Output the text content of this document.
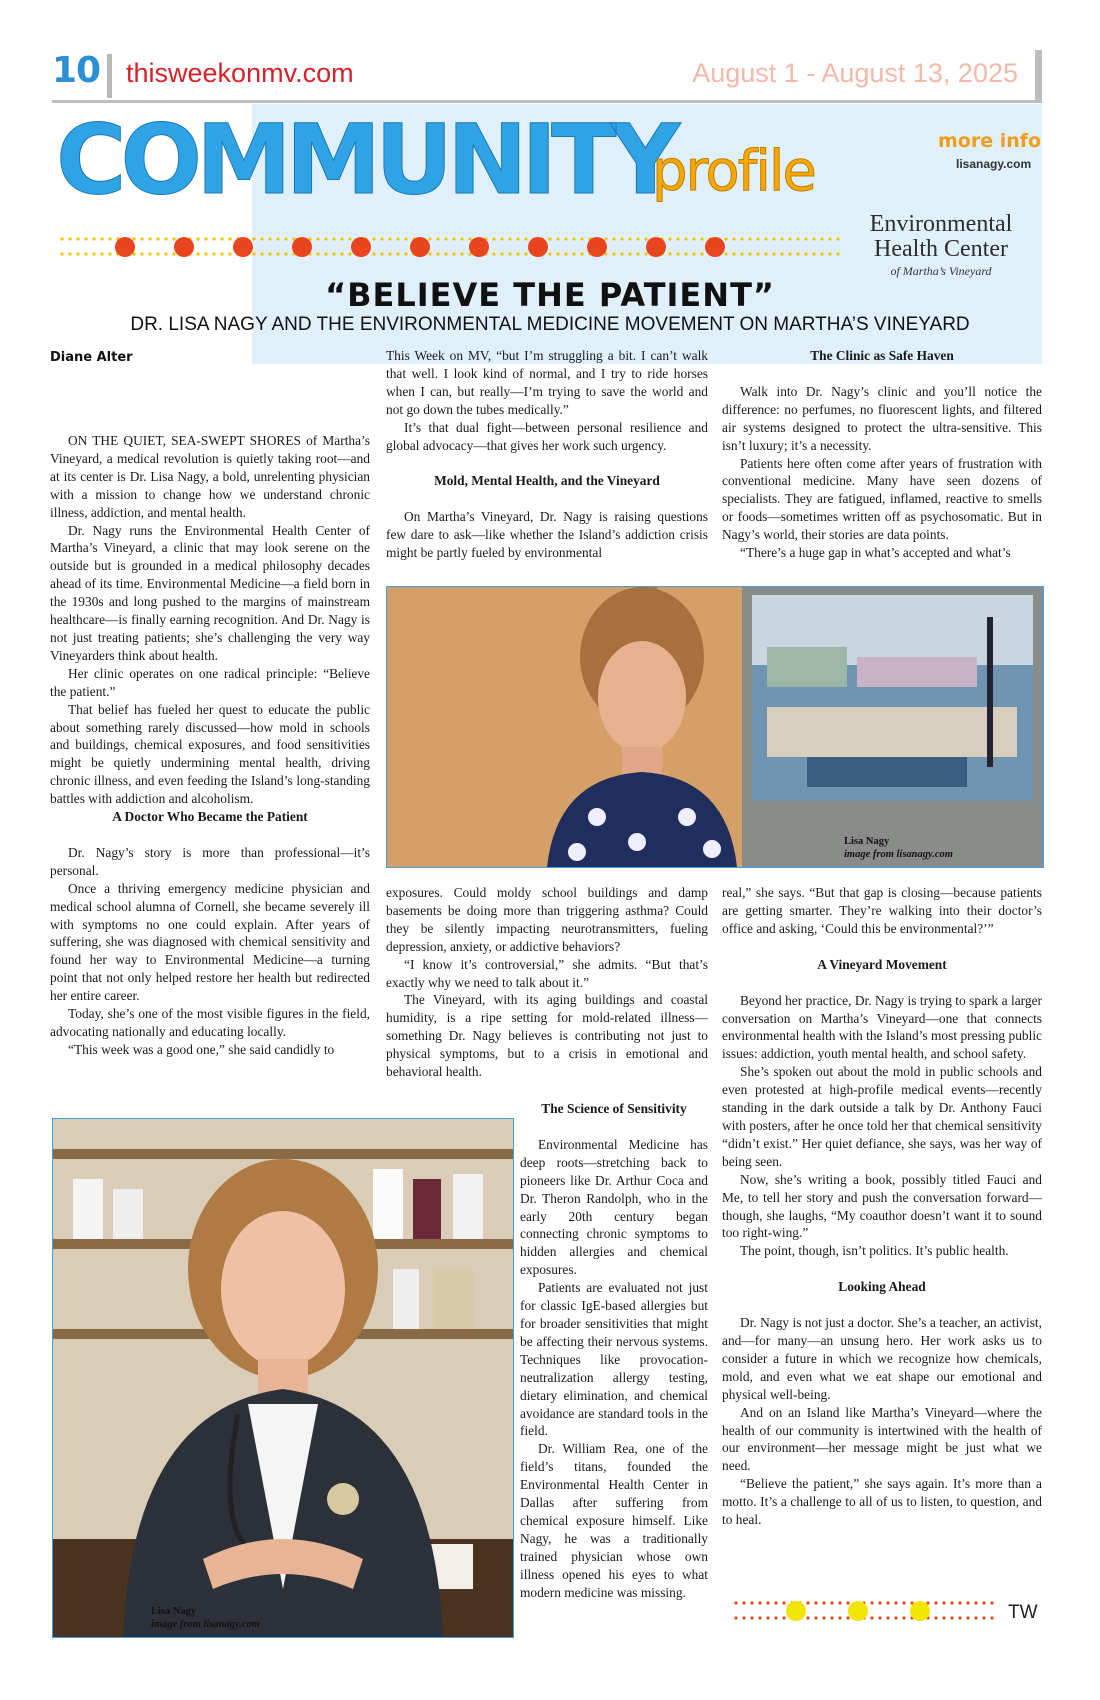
10 thisweekonmv.com	August 1 - August 13, 2025
COMMUNITY
profile	more info
lisanagy.com
Environmental
Health Center
of Martha’s Vineyard
“BELIEVE THE PATIENT”
DR. LISA NAGY AND THE ENVIRONMENTAL MEDICINE MOVEMENT ON MARTHA’S VINEYARD
Diane Alter

ON THE QUIET, SEA-SWEPT SHORES of Martha’s Vineyard, a medical revolution is quietly taking root—and at its center is Dr. Lisa Nagy, a bold, unrelenting physician with a mission to change how we understand chronic illness, addiction, and mental health.

Dr. Nagy runs the Environmental Health Center of Martha’s Vineyard, a clinic that may look serene on the outside but is grounded in a medical philosophy decades ahead of its time. Environmental Medicine—a field born in the 1930s and long pushed to the margins of mainstream healthcare—is finally earning recognition. And Dr. Nagy is not just treating patients; she’s challenging the very way Vineyarders think about health.

Her clinic operates on one radical principle: “Believe the patient.”

That belief has fueled her quest to educate the public about something rarely discussed—how mold in schools and buildings, chemical exposures, and food sensitivities might be quietly undermining mental health, driving chronic illness, and even feeding the Island’s long-standing battles with addiction and alcoholism.

A Doctor Who Became the Patient

Dr. Nagy’s story is more than professional—it’s personal.

Once a thriving emergency medicine physician and medical school alumna of Cornell, she became severely ill with symptoms no one could explain. After years of suffering, she was diagnosed with chemical sensitivity and found her way to Environmental Medicine—a turning point that not only helped restore her health but redirected her entire career.

Today, she’s one of the most visible figures in the field, advocating nationally and educating locally.

“This week was a good one,” she said candidly to

This Week on MV, “but I’m struggling a bit. I can’t walk that well. I look kind of normal, and I try to ride horses when I can, but really—I’m trying to save the world and not go down the tubes medically.”

It’s that dual fight—between personal resilience and global advocacy—that gives her work such urgency.

Mold, Mental Health, and the Vineyard

On Martha’s Vineyard, Dr. Nagy is raising questions few dare to ask—like whether the Island’s addiction crisis might be partly fueled by environmental

The Clinic as Safe Haven

Walk into Dr. Nagy’s clinic and you’ll notice the difference: no perfumes, no fluorescent lights, and filtered air systems designed to protect the ultra-sensitive. This isn’t luxury; it’s a necessity.

Patients here often come after years of frustration with conventional medicine. Many have seen dozens of specialists. They are fatigued, inflamed, reactive to smells or foods—sometimes written off as psychosomatic. But in Nagy’s world, their stories are data points.

“There’s a huge gap in what’s accepted and what’s

Lisa Nagy
image from lisanagy.com

exposures. Could moldy school buildings and damp basements be doing more than triggering asthma? Could they be silently impacting neurotransmitters, fueling depression, anxiety, or addictive behaviors?

“I know it’s controversial,” she admits. “But that’s exactly why we need to talk about it.”

The Vineyard, with its aging buildings and coastal humidity, is a ripe setting for mold-related illness—something Dr. Nagy believes is contributing not just to physical symptoms, but to a crisis in emotional and behavioral health.

real,” she says. “But that gap is closing—because patients are getting smarter. They’re walking into their doctor’s office and asking, ‘Could this be environmental?’”

A Vineyard Movement

Beyond her practice, Dr. Nagy is trying to spark a larger conversation on Martha’s Vineyard—one that connects environmental health with the Island’s most pressing public issues: addiction, youth mental health, and school safety.

She’s spoken out about the mold in public schools and even protested at high-profile medical events—recently standing in the dark outside a talk by Dr. Anthony Fauci with posters, after he once told her that chemical sensitivity “didn’t exist.” Her quiet defiance, she says, was her way of being seen.

Now, she’s writing a book, possibly titled Fauci and Me, to tell her story and push the conversation forward—though, she laughs, “My coauthor doesn’t want it to sound too right-wing.”

The point, though, isn’t politics. It’s public health.

Looking Ahead

Dr. Nagy is not just a doctor. She’s a teacher, an activist, and—for many—an unsung hero. Her work asks us to consider a future in which we recognize how chemicals, mold, and even what we eat shape our emotional and physical well-being.

And on an Island like Martha’s Vineyard—where the health of our community is intertwined with the health of our environment—her message might be just what we need.

“Believe the patient,” she says again. It’s more than a motto. It’s a challenge to all of us to listen, to question, and to heal.

Lisa Nagy
image from lisanagy.com
The Science of Sensitivity

Environmental Medicine has deep roots—stretching back to pioneers like Dr. Arthur Coca and Dr. Theron Randolph, who in the early 20th century began connecting chronic symptoms to hidden allergies and chemical exposures.

Patients are evaluated not just for classic IgE-based allergies but for broader sensitivities that might be affecting their nervous systems. Techniques like provocation-neutralization allergy testing, dietary elimination, and chemical avoidance are standard tools in the field.

Dr. William Rea, one of the field’s titans, founded the Environmental Health Center in Dallas after suffering from chemical exposure himself. Like Nagy, he was a traditionally trained physician whose own illness opened his eyes to what modern medicine was missing.

TW
